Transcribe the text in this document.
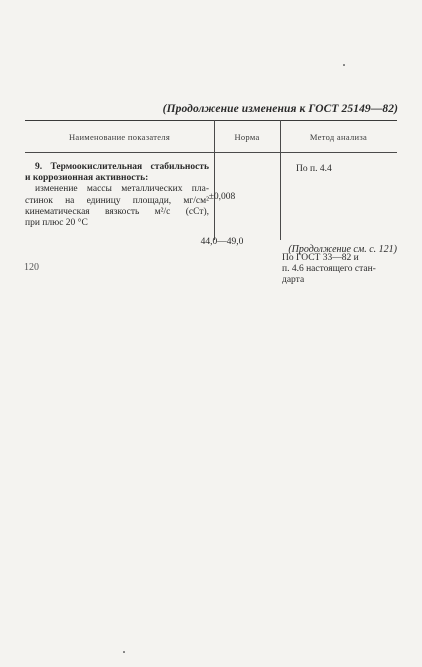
(Продолжение изменения к ГОСТ 25149—82)
Наименование показателя	Норма	Метод анализа
9. Термоокислительная стабильность
и коррозионная активность:
изменение массы металлических пла-
стинок на единицу площади, мг/см²
кинематическая вязкость м²/с (сСт),
при плюс 20 °С
±0,008
44,0—49,0
По п. 4.4
По ГОСТ 33—82 и
п. 4.6 настоящего стан-
дарта
(Продолжение см. с. 121)
120
